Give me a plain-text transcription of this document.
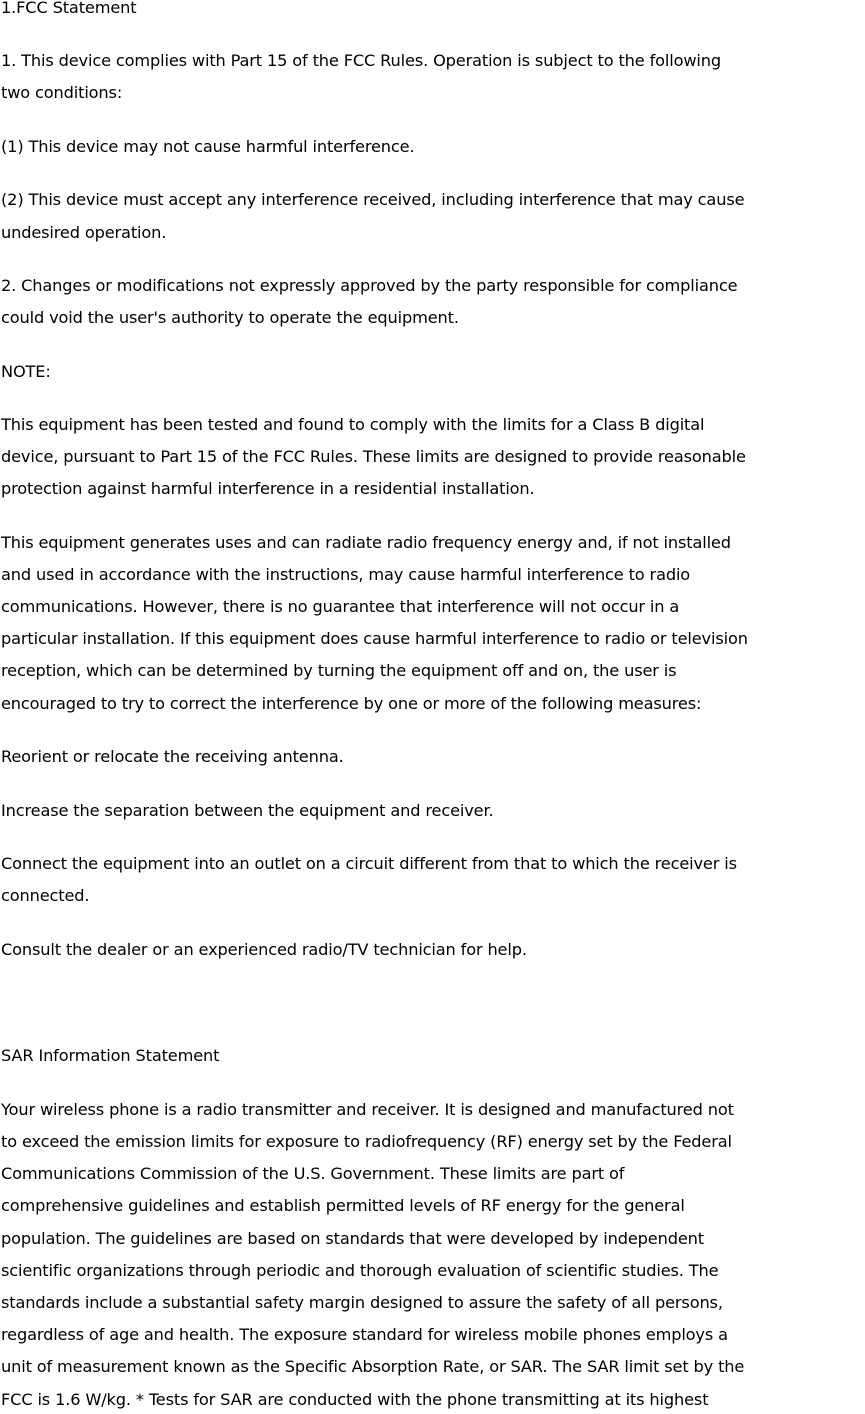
1.FCC Statement
1. This device complies with Part 15 of the FCC Rules. Operation is subject to the following
two conditions:
(1) This device may not cause harmful interference.
(2) This device must accept any interference received, including interference that may cause
undesired operation.
2. Changes or modifications not expressly approved by the party responsible for compliance
could void the user's authority to operate the equipment.
NOTE:
This equipment has been tested and found to comply with the limits for a Class B digital
device, pursuant to Part 15 of the FCC Rules. These limits are designed to provide reasonable
protection against harmful interference in a residential installation.
This equipment generates uses and can radiate radio frequency energy and, if not installed
and used in accordance with the instructions, may cause harmful interference to radio
communications. However, there is no guarantee that interference will not occur in a
particular installation. If this equipment does cause harmful interference to radio or television
reception, which can be determined by turning the equipment off and on, the user is
encouraged to try to correct the interference by one or more of the following measures:
Reorient or relocate the receiving antenna.
Increase the separation between the equipment and receiver.
Connect the equipment into an outlet on a circuit different from that to which the receiver is
connected.
Consult the dealer or an experienced radio/TV technician for help.
SAR Information Statement
Your wireless phone is a radio transmitter and receiver. It is designed and manufactured not
to exceed the emission limits for exposure to radiofrequency (RF) energy set by the Federal
Communications Commission of the U.S. Government. These limits are part of
comprehensive guidelines and establish permitted levels of RF energy for the general
population. The guidelines are based on standards that were developed by independent
scientific organizations through periodic and thorough evaluation of scientific studies. The
standards include a substantial safety margin designed to assure the safety of all persons,
regardless of age and health. The exposure standard for wireless mobile phones employs a
unit of measurement known as the Specific Absorption Rate, or SAR. The SAR limit set by the
FCC is 1.6 W/kg. * Tests for SAR are conducted with the phone transmitting at its highest
